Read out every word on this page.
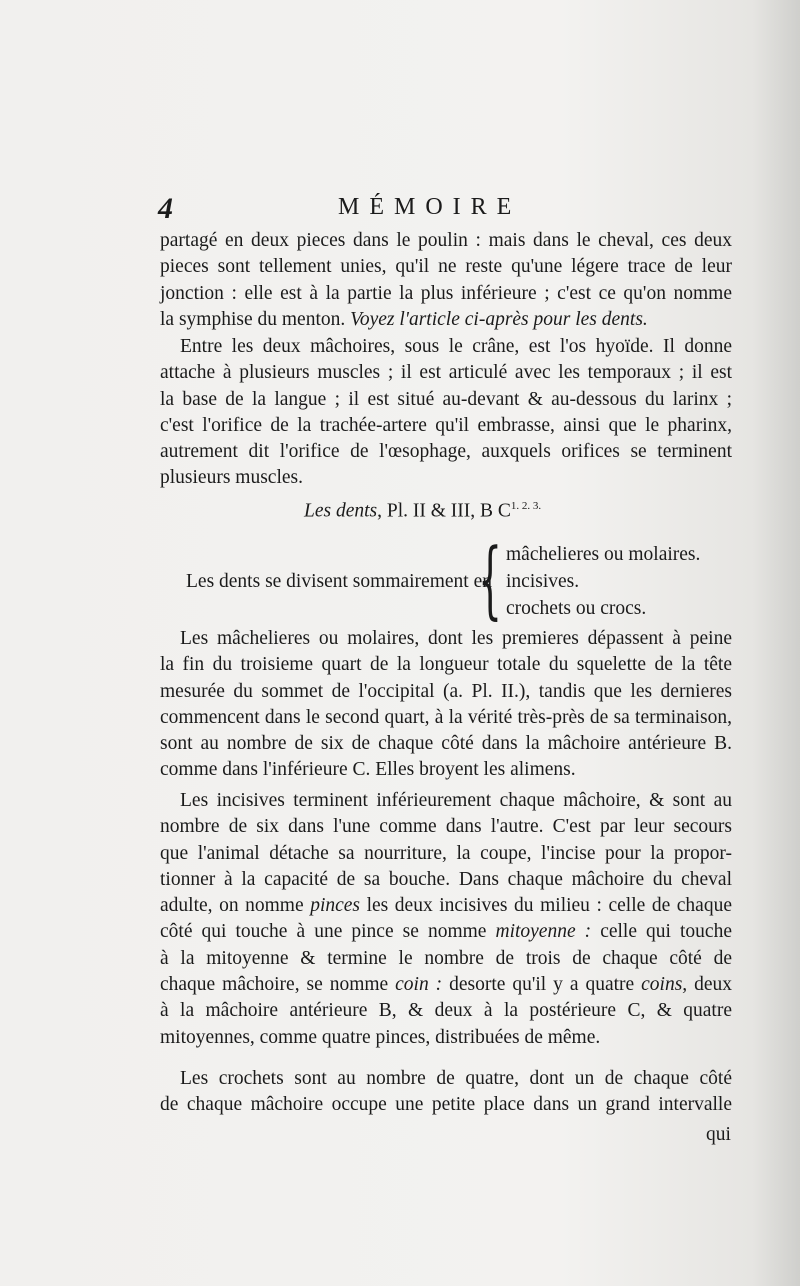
4	MÉMOIRE
partagé en deux pieces dans le poulin : mais dans le cheval, ces deux
pieces sont tellement unies, qu'il ne reste qu'une légere trace de leur
jonction : elle est à la partie la plus inférieure ; c'est ce qu'on nomme
la symphise du menton. Voyez l'article ci-après pour les dents.
Entre les deux mâchoires, sous le crâne, est l'os hyoïde. Il donne
attache à plusieurs muscles ; il est articulé avec les temporaux ; il est
la base de la langue ; il est situé au-devant & au-dessous du larinx ;
c'est l'orifice de la trachée-artere qu'il embrasse, ainsi que le pharinx,
autrement dit l'orifice de l'œsophage, auxquels orifices se terminent
plusieurs muscles.
Les dents, Pl. II & III, B $C^{1. 2. 3.}$
Les dents se divisent sommairement en
{ mâchelieres ou molaires.
incisives.
crochets ou crocs.
Les mâchelieres ou molaires, dont les premieres dépassent à peine
la fin du troisieme quart de la longueur totale du squelette de la tête
mesurée du sommet de l'occipital (a. Pl. II.), tandis que les dernieres
commencent dans le second quart, à la vérité très-près de sa terminaison,
sont au nombre de six de chaque côté dans la mâchoire antérieure B.
comme dans l'inférieure C. Elles broyent les alimens.
Les incisives terminent inférieurement chaque mâchoire, & sont au
nombre de six dans l'une comme dans l'autre. C'est par leur secours
que l'animal détache sa nourriture, la coupe, l'incise pour la propor-
tionner à la capacité de sa bouche. Dans chaque mâchoire du cheval
adulte, on nomme pinces les deux incisives du milieu : celle de chaque
côté qui touche à une pince se nomme mitoyenne : celle qui touche
à la mitoyenne & termine le nombre de trois de chaque côté de
chaque mâchoire, se nomme coin : desorte qu'il y a quatre coins, deux
à la mâchoire antérieure B, & deux à la postérieure C, & quatre
mitoyennes, comme quatre pinces, distribuées de même.
Les crochets sont au nombre de quatre, dont un de chaque côté
de chaque mâchoire occupe une petite place dans un grand intervalle
qui
